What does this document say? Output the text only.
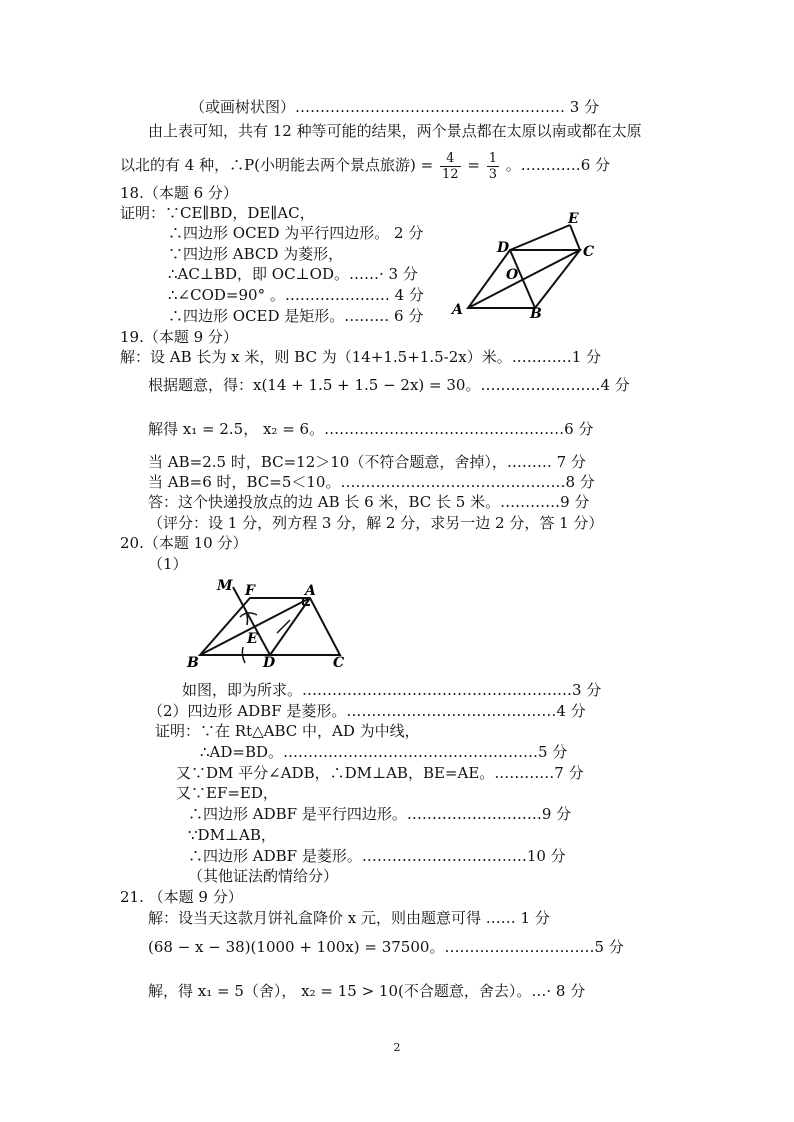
（或画树状图）……………………………………………… 3 分
由上表可知，共有 12 种等可能的结果，两个景点都在太原以南或都在太原
以北的有 4 种，∴P(小明能去两个景点旅游) = $\frac{4}{12} = \frac{1}{3}$ 。…………6 分
18.（本题 6 分）
证明：∵CE∥BD，DE∥AC，
∴四边形 OCED 为平行四边形。 2 分
∵四边形 ABCD 为菱形，
∴AC⊥BD，即 OC⊥OD。……· 3 分
∴∠COD=90° 。………………… 4 分
∴四边形 OCED 是矩形。……… 6 分
E
D	C
O
A	B
19.（本题 9 分）
解：设 AB 长为 x 米，则 BC 为（14+1.5+1.5-2x）米。…………1 分
根据题意，得：x(14 + 1.5 + 1.5 − 2x) = 30。……………………4 分
解得 x₁ = 2.5， x₂ = 6。…………………………………………6 分
当 AB=2.5 时，BC=12＞10（不符合题意，舍掉），……… 7 分
当 AB=6 时，BC=5＜10。………………………………………8 分
答：这个快递投放点的边 AB 长 6 米，BC 长 5 米。…………9 分
（评分：设 1 分，列方程 3 分，解 2 分，求另一边 2 分，答 1 分）
20.（本题 10 分）
（1）
M F	A
E
B	D	C
如图，即为所求。………………………………………………3 分
（2）四边形 ADBF 是菱形。……………………………………4 分
证明：∵在 Rt△ABC 中，AD 为中线，
∴AD=BD。……………………………………………5 分
又∵DM 平分∠ADB，∴DM⊥AB，BE=AE。…………7 分
又∵EF=ED，
∴四边形 ADBF 是平行四边形。………………………9 分
∵DM⊥AB，
∴四边形 ADBF 是菱形。……………………………10 分
（其他证法酌情给分）
21. （本题 9 分）
解：设当天这款月饼礼盒降价 x 元，则由题意可得 …… 1 分
(68 − x − 38)(1000 + 100x) = 37500。…………………………5 分
解，得 x₁ = 5（舍）， x₂ = 15 > 10(不合题意，舍去）。…· 8 分
2
